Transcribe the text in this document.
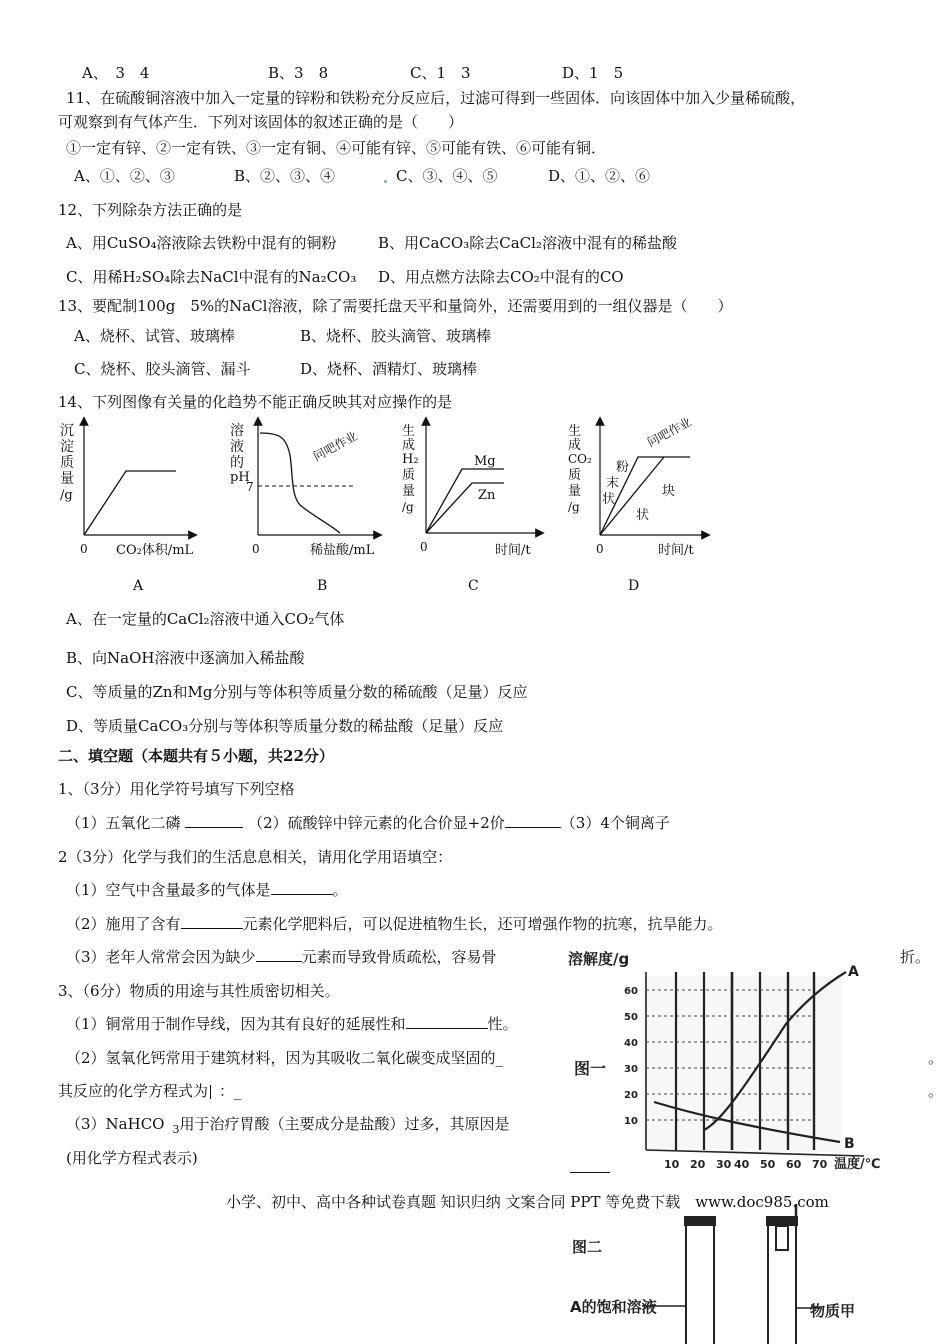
A、　3　4	B、3　8	C、1　3	D、1　5
11、在硫酸铜溶液中加入一定量的锌粉和铁粉充分反应后，过滤可得到一些固体．向该固体中加入少量稀硫酸，
可观察到有气体产生．下列对该固体的叙述正确的是（　　）
①一定有锌、②一定有铁、③一定有铜、④可能有锌、⑤可能有铁、⑥可能有铜．
A、①、②、③	B、②、③、④	C、③、④、⑤	D、①、②、⑥
12、下列除杂方法正确的是
A、用CuSO₄溶液除去铁粉中混有的铜粉	B、用CaCO₃除去CaCl₂溶液中混有的稀盐酸
C、用稀H₂SO₄除去NaCl中混有的Na₂CO₃ D、用点燃方法除去CO₂中混有的CO
13、要配制100g　5%的NaCl溶液，除了需要托盘天平和量筒外，还需要用到的一组仪器是（　　）
A、烧杯、试管、玻璃棒	B、烧杯、胶头滴管、玻璃棒
C、烧杯、胶头滴管、漏斗	D、烧杯、酒精灯、玻璃棒
14、下列图像有关量的化趋势不能正确反映其对应操作的是
沉
淀
质
量
/g
0 CO₂体积/mL
A
溶
液
的
pH
7
0
问吧作业
稀盐酸/mL
B
生
成
H₂
质
量
/g
Mg
Zn
0	时间/t
C
生
成
CO₂
质
量
/g
粉
末
状
块
状
0
问吧作业
时间/t
D
A、在一定量的CaCl₂溶液中通入CO₂气体
B、向NaOH溶液中逐滴加入稀盐酸
C、等质量的Zn和Mg分别与等体积等质量分数的稀硫酸（足量）反应
D、等质量CaCO₃分别与等体积等质量分数的稀盐酸（足量）反应
二、填空题（本题共有５小题，共22分）
1、（3分）用化学符号填写下列空格
（1）五氧化二磷	（2）硫酸锌中锌元素的化合价显+2价	（3）4个铜离子
2（3分）化学与我们的生活息息相关，请用化学用语填空：
（1）空气中含量最多的气体是	。
（2）施用了含有	元素化学肥料后，可以促进植物生长，还可增强作物的抗寒，抗旱能力。
（3）老年人常常会因为缺少	元素而导致骨质疏松，容易骨	折。
3、（6分）物质的用途与其性质密切相关。
（1）铜常用于制作导线，因为其有良好的延展性和	性。
（2）氢氧化钙常用于建筑材料，因为其吸收二氧化碳变成坚固的_	。
其反应的化学方程式为 ：_	。
（3）NaHCO $_3$用于治疗胃酸（主要成分是盐酸）过多，其原因是
(用化学方程式表示)
溶解度/g
60
50
40
30
20
10
图一
A
B
10 20 30 40 50 60 70 温度/℃
小学、初中、高中各种试卷真题 知识归纳 文案合同 PPT 等免费下载　www.doc985.com
图二
A的饱和溶液	物质甲
